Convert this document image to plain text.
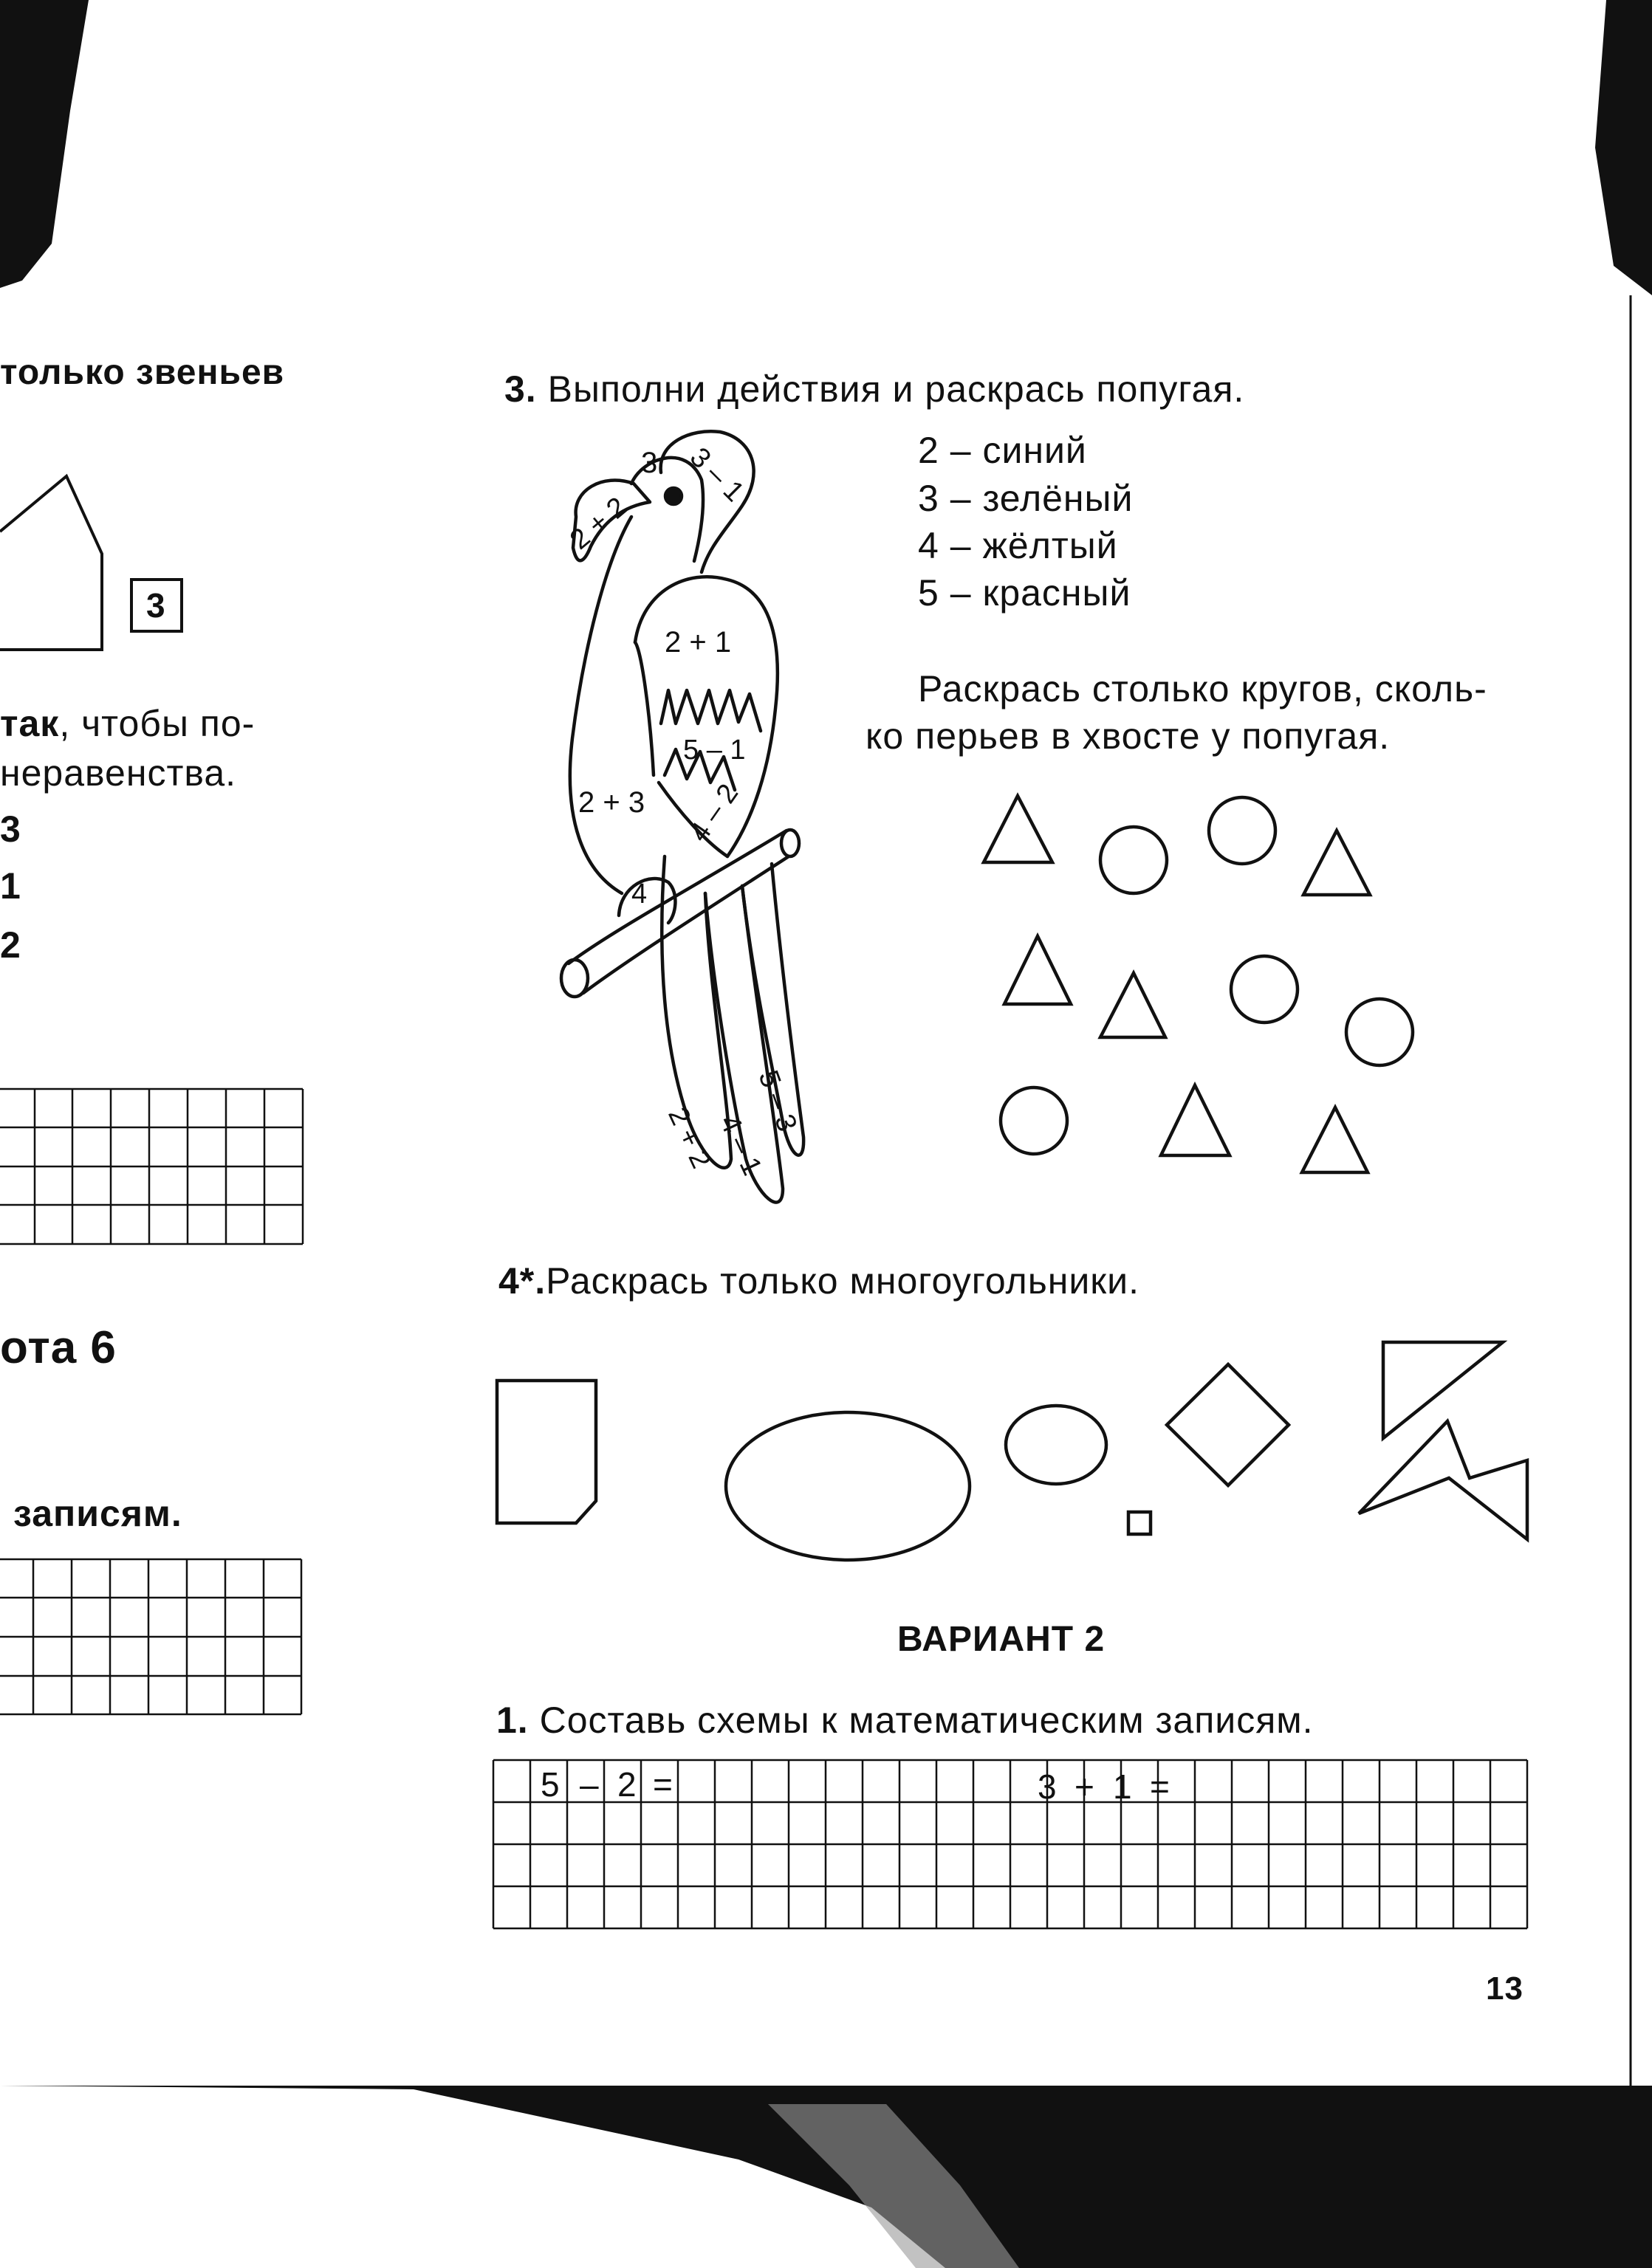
только звеньев
3
так, чтобы по-
неравенства.
3
1
2
ота 6
записям.
3. Выполни действия и раскрась попугая.
2 + 2
3 3 – 1
2 + 1
2 + 3
5 – 1
4 – 2
4
2 + 2
4 – 1
5 – 3
2 – синий
3 – зелёный
4 – жёлтый
5 – красный
Раскрась столько кругов, сколь-
ко перьев в хвосте у попугая.
4*.Раскрась только многоугольники.
ВАРИАНТ 2
1. Составь схемы к математическим записям.
5 – 2 =	3 + 1 =
13
